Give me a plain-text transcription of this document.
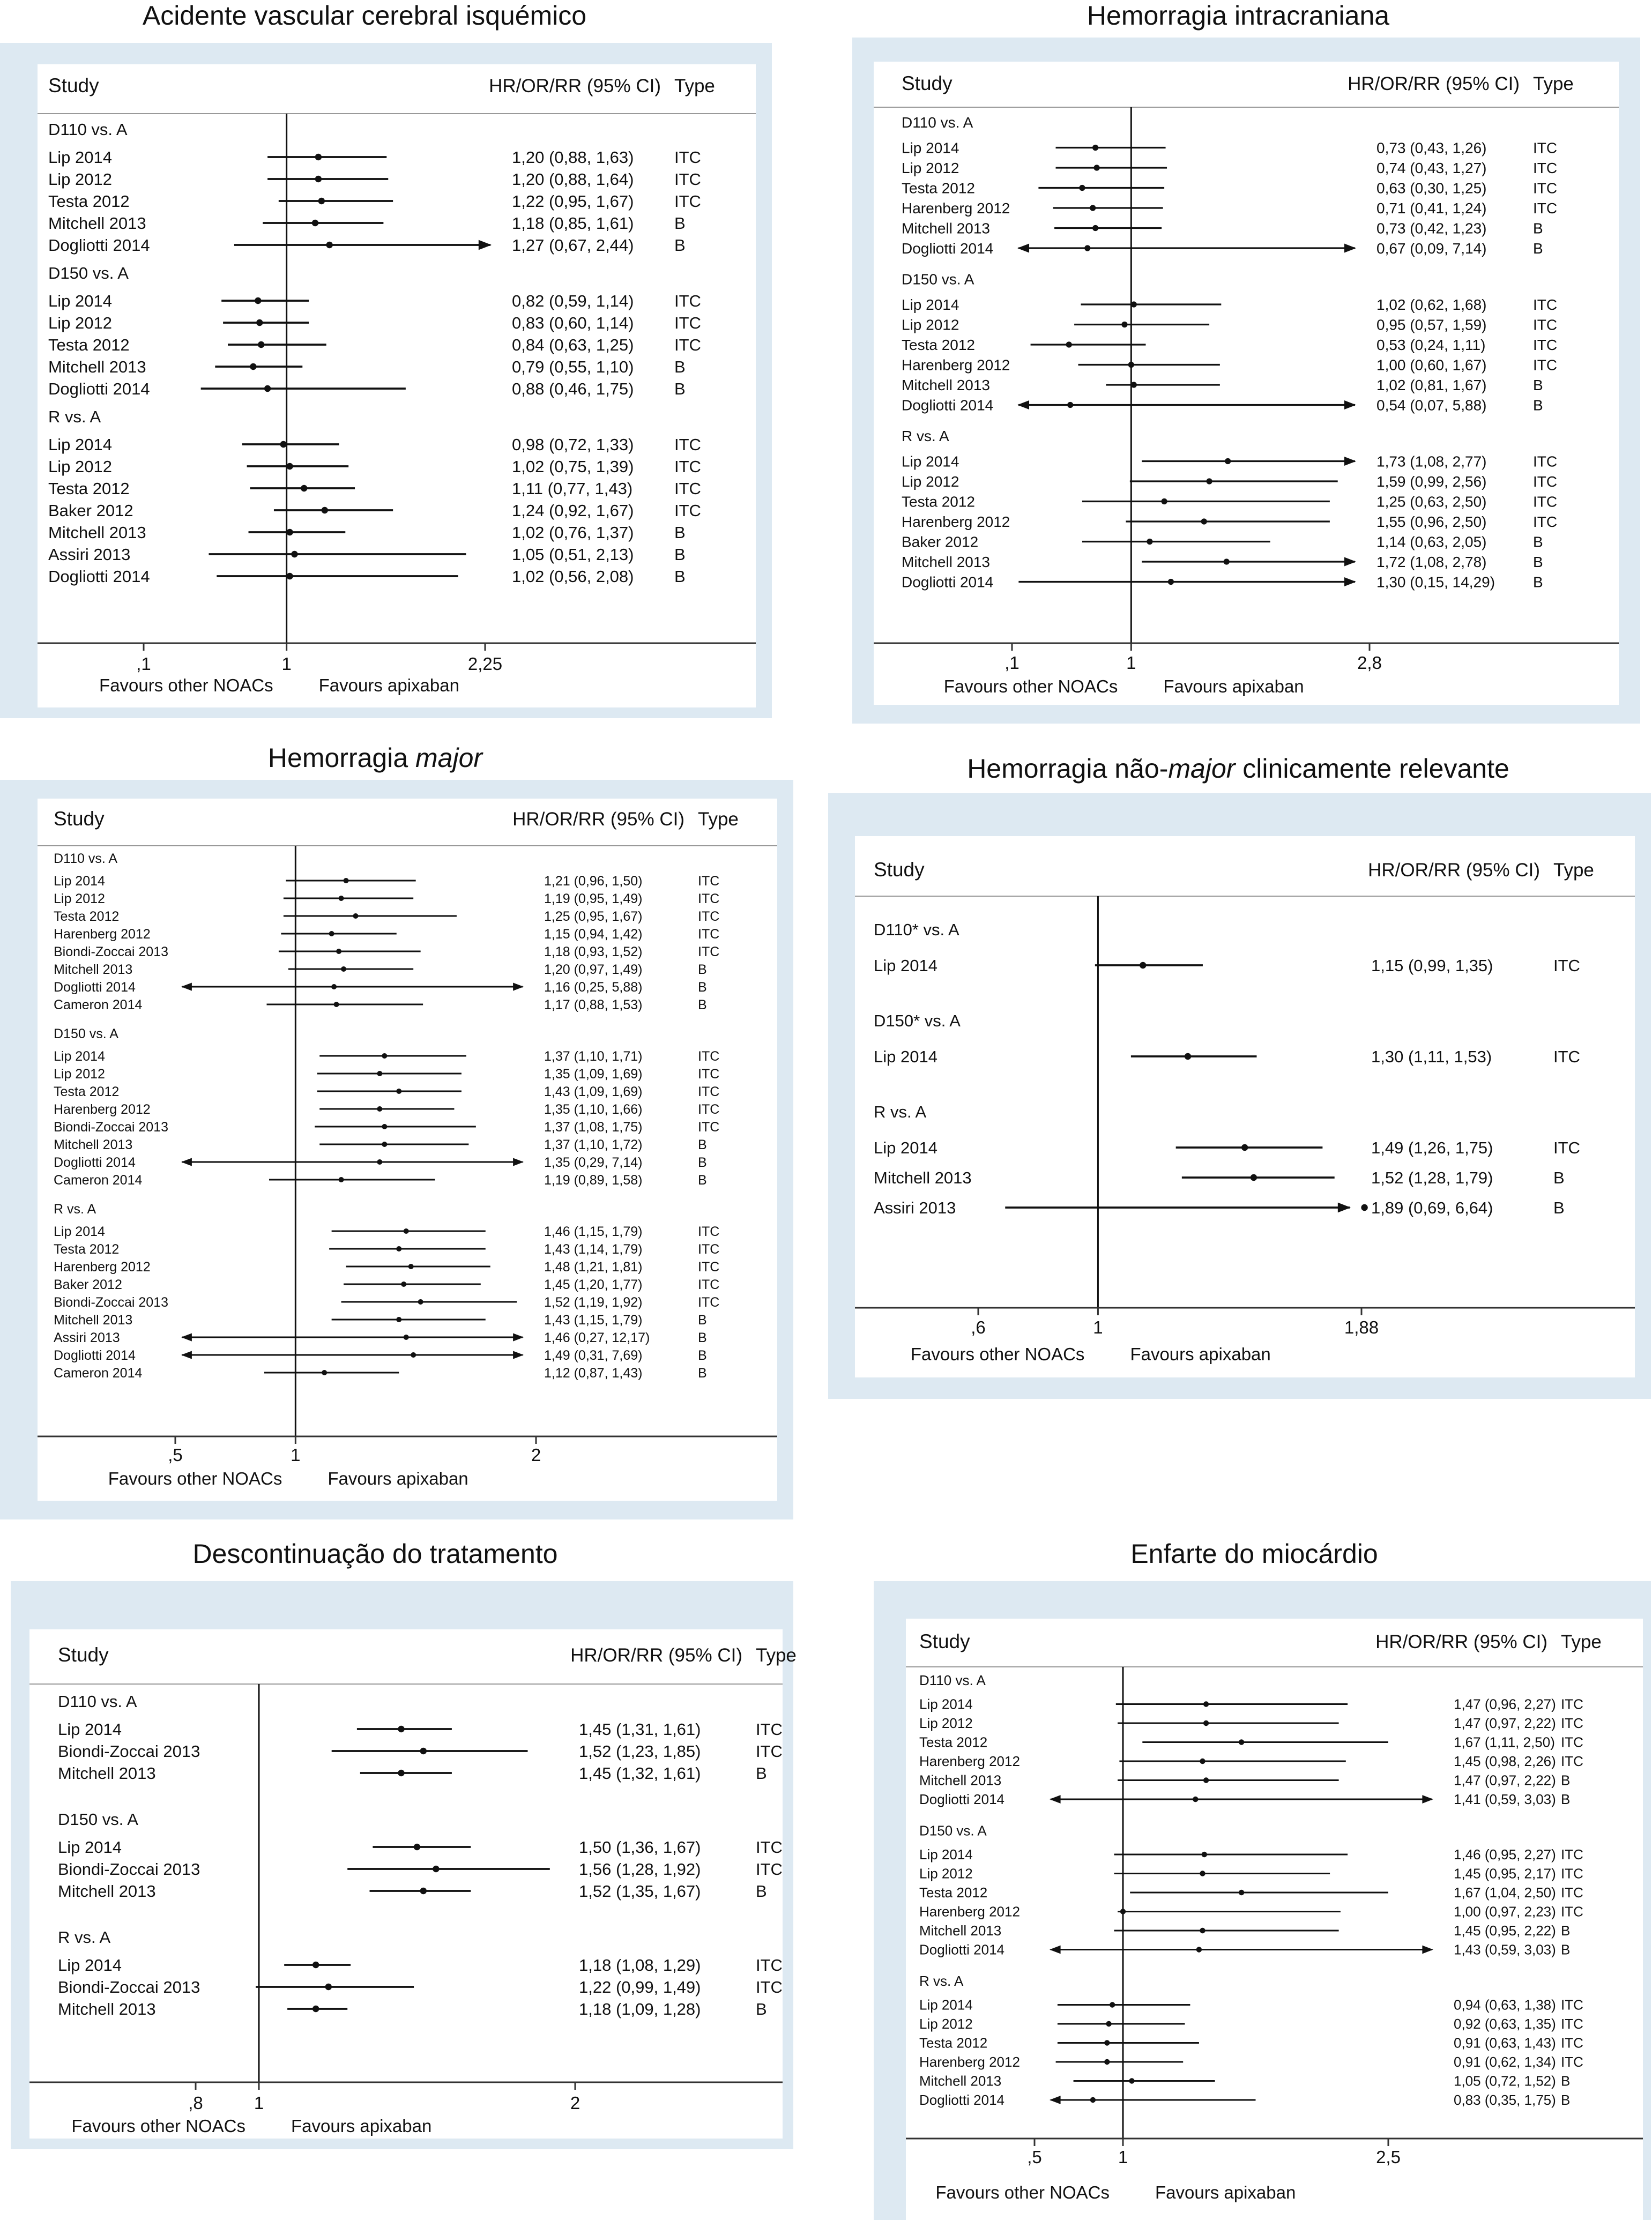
Acidente vascular cerebral isquémico	Hemorragia intracraniana
Hemorragia major	Hemorragia não-major clinicamente relevante
Descontinuação do tratamento	Enfarte do miocárdio
Study	HR/OR/RR (95% CI) Type
D110 vs. A
Lip 2014	1,20 (0,88, 1,63) ITC
Lip 2012	1,20 (0,88, 1,64) ITC
Testa 2012	1,22 (0,95, 1,67) ITC
Mitchell 2013	1,18 (0,85, 1,61) B
Dogliotti 2014	1,27 (0,67, 2,44) B
D150 vs. A
Lip 2014	0,82 (0,59, 1,14) ITC
Lip 2012	0,83 (0,60, 1,14) ITC
Testa 2012	0,84 (0,63, 1,25) ITC
Mitchell 2013	0,79 (0,55, 1,10) B
Dogliotti 2014	0,88 (0,46, 1,75) B
R vs. A
Lip 2014	0,98 (0,72, 1,33) ITC
Lip 2012	1,02 (0,75, 1,39) ITC
Testa 2012	1,11 (0,77, 1,43)	ITC
Baker 2012	1,24 (0,92, 1,67) ITC
Mitchell 2013	1,02 (0,76, 1,37) B
Assiri 2013	1,05 (0,51, 2,13) B
Dogliotti 2014	1,02 (0,56, 2,08) B
,1	1	2,25
Favours other NOACs	Favours apixaban
Study	HR/OR/RR (95% CI) Type
D110 vs. A
Lip 2014	0,73 (0,43, 1,26)	ITC
Lip 2012	0,74 (0,43, 1,27)	ITC
Testa 2012	0,63 (0,30, 1,25)	ITC
Harenberg 2012	0,71 (0,41, 1,24)	ITC
Mitchell 2013	0,73 (0,42, 1,23)	B
Dogliotti 2014	0,67 (0,09, 7,14)	B
D150 vs. A
Lip 2014	1,02 (0,62, 1,68)	ITC
Lip 2012	0,95 (0,57, 1,59)	ITC
Testa 2012	0,53 (0,24, 1,11)	ITC
Harenberg 2012	1,00 (0,60, 1,67)	ITC
Mitchell 2013	1,02 (0,81, 1,67)	B
Dogliotti 2014	0,54 (0,07, 5,88)	B
R vs. A
Lip 2014	1,73 (1,08, 2,77)	ITC
Lip 2012	1,59 (0,99, 2,56)	ITC
Testa 2012	1,25 (0,63, 2,50)	ITC
Harenberg 2012	1,55 (0,96, 2,50)	ITC
Baker 2012	1,14 (0,63, 2,05)	B
Mitchell 2013	1,72 (1,08, 2,78)	B
Dogliotti 2014	1,30 (0,15, 14,29)	B
,1	1	2,8
Favours other NOACs	Favours apixaban
Study	HR/OR/RR (95% CI) Type
D110 vs. A
Lip 2014	1,21 (0,96, 1,50)	ITC
Lip 2012	1,19 (0,95, 1,49)	ITC
Testa 2012	1,25 (0,95, 1,67)	ITC
Harenberg 2012	1,15 (0,94, 1,42)	ITC
Biondi-Zoccai 2013	1,18 (0,93, 1,52)	ITC
Mitchell 2013	1,20 (0,97, 1,49)	B
Dogliotti 2014	1,16 (0,25, 5,88)	B
Cameron 2014	1,17 (0,88, 1,53)	B
D150 vs. A
Lip 2014	1,37 (1,10, 1,71)	ITC
Lip 2012	1,35 (1,09, 1,69)	ITC
Testa 2012	1,43 (1,09, 1,69)	ITC
Harenberg 2012	1,35 (1,10, 1,66)	ITC
Biondi-Zoccai 2013	1,37 (1,08, 1,75)	ITC
Mitchell 2013	1,37 (1,10, 1,72)	B
Dogliotti 2014	1,35 (0,29, 7,14)	B
Cameron 2014	1,19 (0,89, 1,58)	B
R vs. A
Lip 2014	1,46 (1,15, 1,79)	ITC
Testa 2012	1,43 (1,14, 1,79)	ITC
Harenberg 2012	1,48 (1,21, 1,81)	ITC
Baker 2012	1,45 (1,20, 1,77)	ITC
Biondi-Zoccai 2013	1,52 (1,19, 1,92)	ITC
Mitchell 2013	1,43 (1,15, 1,79)	B
Assiri 2013	1,46 (0,27, 12,17)	B
Dogliotti 2014	1,49 (0,31, 7,69)	B
Cameron 2014	1,12 (0,87, 1,43)	B
,5	1	2
Favours other NOACs	Favours apixaban
Study	HR/OR/RR (95% CI) Type
D110* vs. A
Lip 2014	1,15 (0,99, 1,35)	ITC
D150* vs. A
Lip 2014	1,30 (1,11, 1,53)	ITC
R vs. A
Lip 2014	1,49 (1,26, 1,75)	ITC
Mitchell 2013	1,52 (1,28, 1,79)	B
Assiri 2013	1,89 (0,69, 6,64)	B
,6	1	1,88
Favours other NOACs	Favours apixaban
Study	HR/OR/RR (95% CI) Type
D110 vs. A
Lip 2014	1,45 (1,31, 1,61)	ITC
Biondi-Zoccai 2013	1,52 (1,23, 1,85)	ITC
Mitchell 2013	1,45 (1,32, 1,61)	B
D150 vs. A
Lip 2014	1,50 (1,36, 1,67)	ITC
Biondi-Zoccai 2013	1,56 (1,28, 1,92)	ITC
Mitchell 2013	1,52 (1,35, 1,67)	B
R vs. A
Lip 2014	1,18 (1,08, 1,29)	ITC
Biondi-Zoccai 2013	1,22 (0,99, 1,49)	ITC
Mitchell 2013	1,18 (1,09, 1,28)	B
,8	1	2
Favours other NOACs	Favours apixaban
Study	HR/OR/RR (95% CI) Type
D110 vs. A
Lip 2014	1,47 (0,96, 2,27) ITC
Lip 2012	1,47 (0,97, 2,22) ITC
Testa 2012	1,67 (1,11, 2,50) ITC
Harenberg 2012	1,45 (0,98, 2,26) ITC
Mitchell 2013	1,47 (0,97, 2,22) B
Dogliotti 2014	1,41 (0,59, 3,03) B
D150 vs. A
Lip 2014	1,46 (0,95, 2,27) ITC
Lip 2012	1,45 (0,95, 2,17) ITC
Testa 2012	1,67 (1,04, 2,50) ITC
Harenberg 2012	1,00 (0,97, 2,23) ITC
Mitchell 2013	1,45 (0,95, 2,22) B
Dogliotti 2014	1,43 (0,59, 3,03) B
R vs. A
Lip 2014	0,94 (0,63, 1,38) ITC
Lip 2012	0,92 (0,63, 1,35) ITC
Testa 2012	0,91 (0,63, 1,43) ITC
Harenberg 2012	0,91 (0,62, 1,34) ITC
Mitchell 2013	1,05 (0,72, 1,52) B
Dogliotti 2014	0,83 (0,35, 1,75) B
,5	1	2,5
Favours other NOACs	Favours apixaban
